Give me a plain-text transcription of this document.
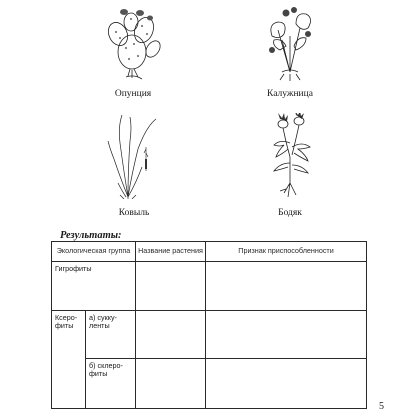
Опунция	Калужница
Ковыль	Бодяк
Результаты:
Экологическая группа		Название растения	Признак приспособленности

Гигрофиты			

Ксеро-фиты	а) сукку-ленты		

	б) склеро-фиты		

5
